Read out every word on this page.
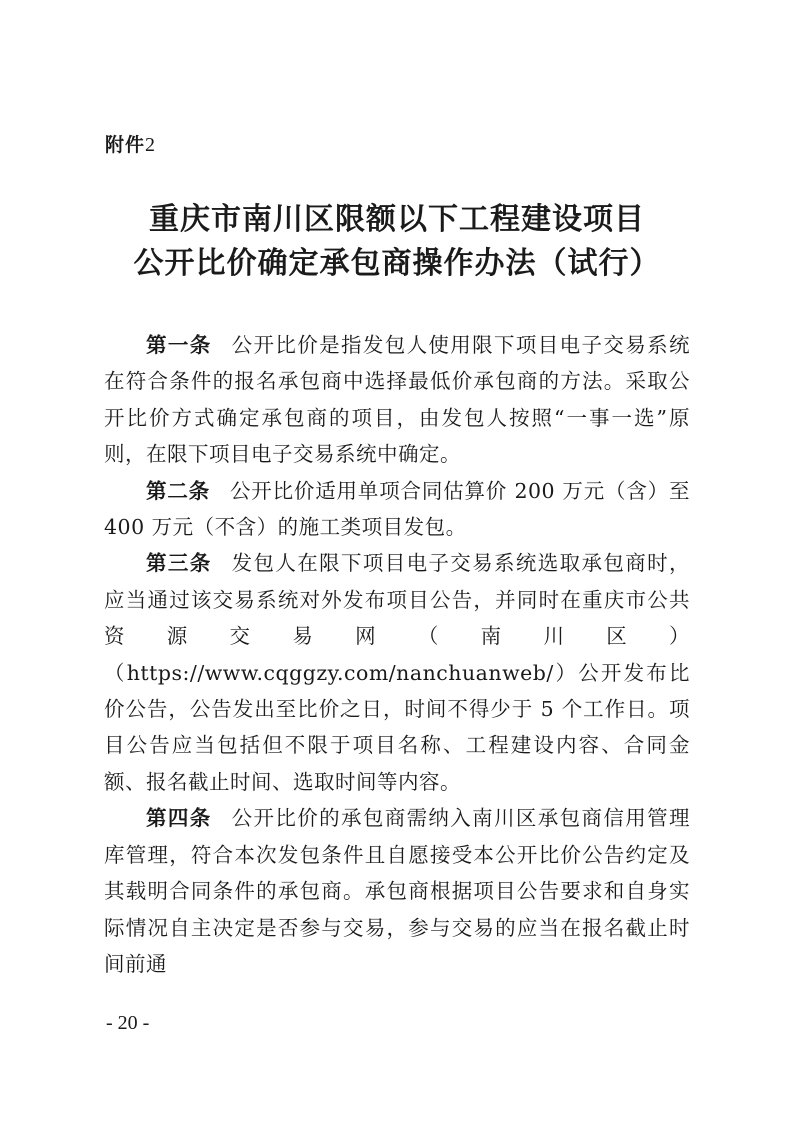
附件2
重庆市南川区限额以下工程建设项目
公开比价确定承包商操作办法（试行）

第一条 公开比价是指发包人使用限下项目电子交易系统在符合条件的报名承包商中选择最低价承包商的方法。采取公开比价方式确定承包商的项目，由发包人按照“一事一选”原则，在限下项目电子交易系统中确定。

第二条 公开比价适用单项合同估算价 200 万元（含）至 400 万元（不含）的施工类项目发包。

第三条 发包人在限下项目电子交易系统选取承包商时，应当通过该交易系统对外发布项目公告，并同时在重庆市公共资源交易网（南川区）（https://www.cqggzy.com/nanchuanweb/）公开发布比价公告，公告发出至比价之日，时间不得少于 5 个工作日。项目公告应当包括但不限于项目名称、工程建设内容、合同金额、报名截止时间、选取时间等内容。

第四条 公开比价的承包商需纳入南川区承包商信用管理库管理，符合本次发包条件且自愿接受本公开比价公告约定及其载明合同条件的承包商。承包商根据项目公告要求和自身实际情况自主决定是否参与交易，参与交易的应当在报名截止时间前通

- 20 -
